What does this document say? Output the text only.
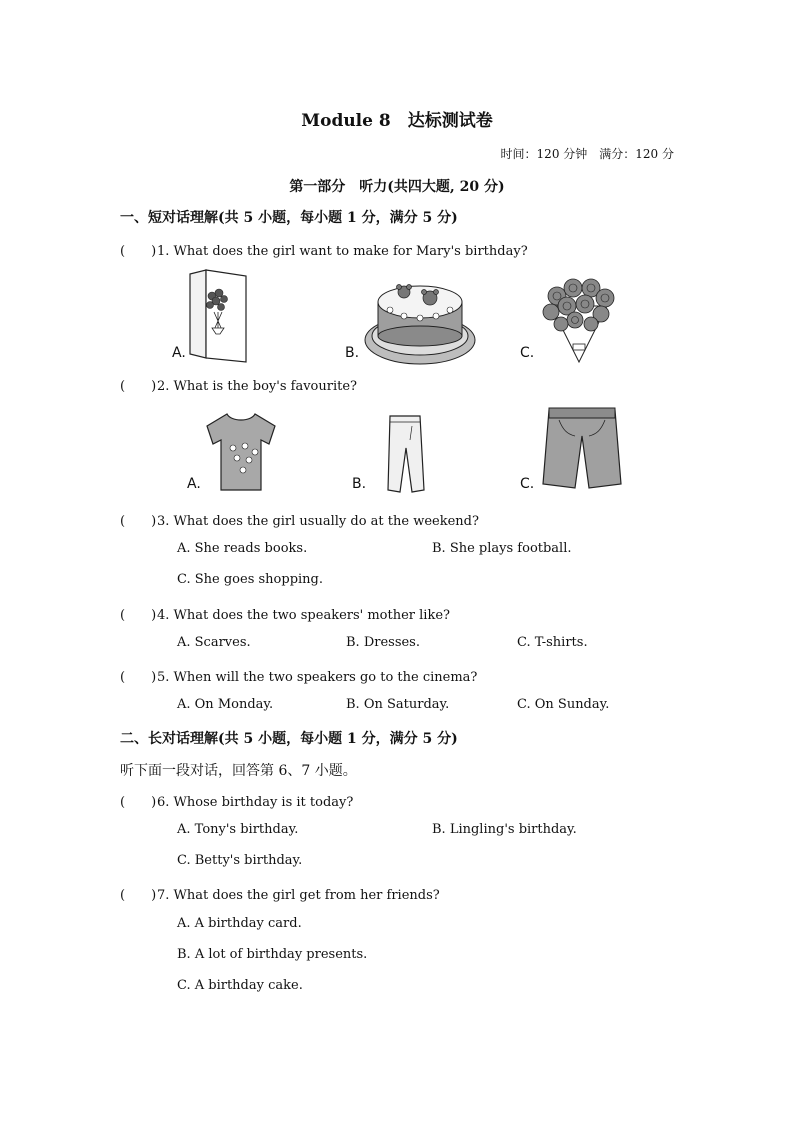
Module 8　达标测试卷
时间：120 分钟　满分：120 分
第一部分　听力(共四大题, 20 分)
一、短对话理解(共 5 小题，每小题 1 分，满分 5 分)
(　　)1. What does the girl want to make for Mary's birthday?
A.	B.	C.
(　　)2. What is the boy's favourite?
A.	B.	C.
(　　)3. What does the girl usually do at the weekend?
A. She reads books.	B. She plays football.
C. She goes shopping.
(　　)4. What does the two speakers' mother like?
A. Scarves.	B. Dresses.	C. T-shirts.
(　　)5. When will the two speakers go to the cinema?
A. On Monday.	B. On Saturday.	C. On Sunday.
二、长对话理解(共 5 小题，每小题 1 分，满分 5 分)
听下面一段对话，回答第 6、7 小题。
(　　)6. Whose birthday is it today?
A. Tony's birthday.	B. Lingling's birthday.
C. Betty's birthday.
(　　)7. What does the girl get from her friends?
A. A birthday card.
B. A lot of birthday presents.
C. A birthday cake.
